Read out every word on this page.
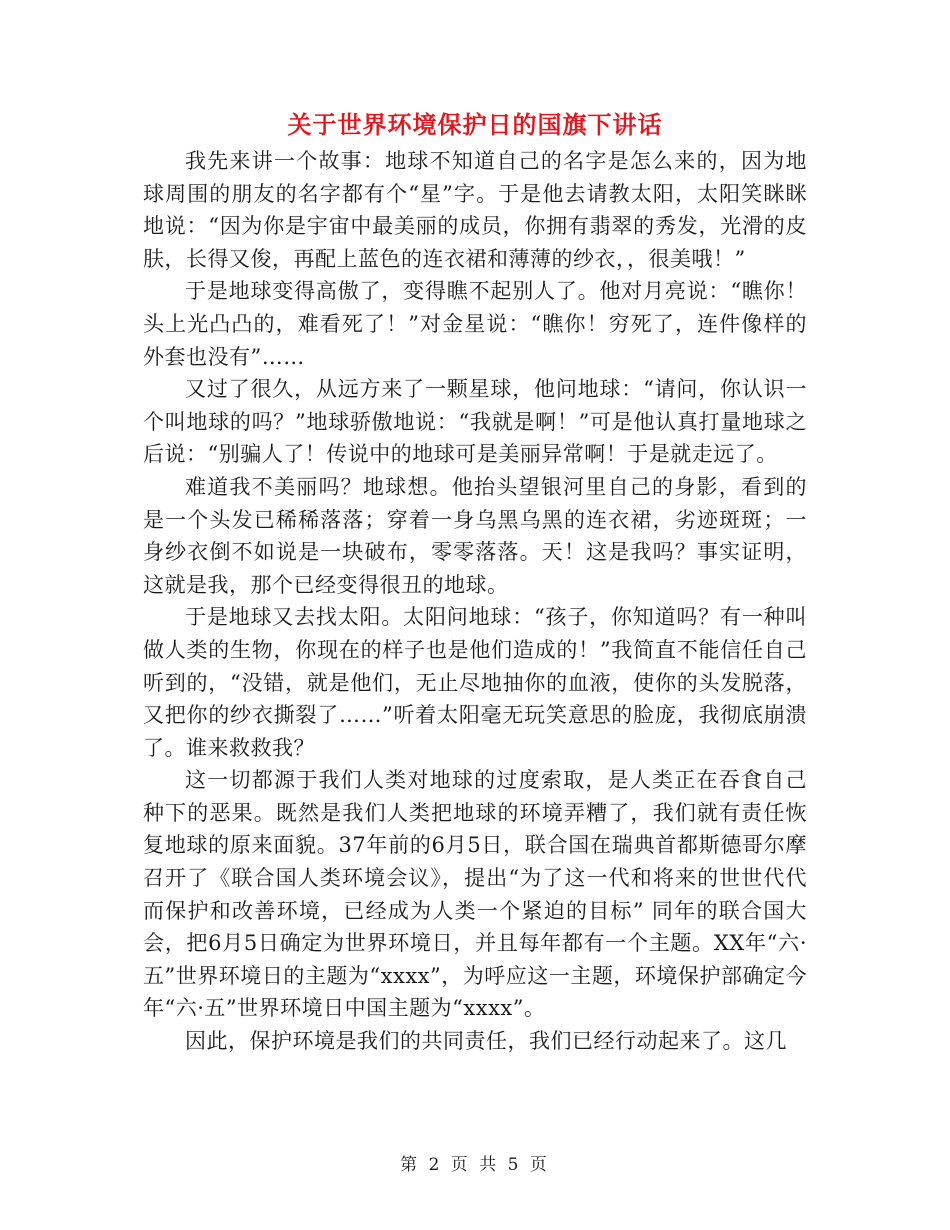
关于世界环境保护日的国旗下讲话

我先来讲一个故事：地球不知道自己的名字是怎么来的，因为地球周围的朋友的名字都有个“星”字。于是他去请教太阳，太阳笑眯眯地说：“因为你是宇宙中最美丽的成员，你拥有翡翠的秀发，光滑的皮肤，长得又俊，再配上蓝色的连衣裙和薄薄的纱衣，，很美哦！”

于是地球变得高傲了，变得瞧不起别人了。他对月亮说：“瞧你！头上光凸凸的，难看死了！”对金星说：“瞧你！穷死了，连件像样的外套也没有”……

又过了很久，从远方来了一颗星球，他问地球：“请问，你认识一个叫地球的吗？”地球骄傲地说：“我就是啊！”可是他认真打量地球之后说：“别骗人了！传说中的地球可是美丽异常啊！于是就走远了。

难道我不美丽吗？地球想。他抬头望银河里自己的身影，看到的是一个头发已稀稀落落；穿着一身乌黑乌黑的连衣裙，劣迹斑斑；一身纱衣倒不如说是一块破布，零零落落。天！这是我吗？事实证明，这就是我，那个已经变得很丑的地球。

于是地球又去找太阳。太阳问地球：“孩子，你知道吗？有一种叫做人类的生物，你现在的样子也是他们造成的！”我简直不能信任自己听到的，“没错，就是他们，无止尽地抽你的血液，使你的头发脱落，又把你的纱衣撕裂了……”听着太阳毫无玩笑意思的脸庞，我彻底崩溃了。谁来救救我？

这一切都源于我们人类对地球的过度索取，是人类正在吞食自己种下的恶果。既然是我们人类把地球的环境弄糟了，我们就有责任恢复地球的原来面貌。37年前的6月5日，联合国在瑞典首都斯德哥尔摩召开了《联合国人类环境会议》，提出“为了这一代和将来的世世代代而保护和改善环境，已经成为人类一个紧迫的目标” 同年的联合国大会，把6月5日确定为世界环境日，并且每年都有一个主题。XX年“六·五”世界环境日的主题为“xxxx”，为呼应这一主题，环境保护部确定今年“六·五”世界环境日中国主题为“xxxx”。

因此，保护环境是我们的共同责任，我们已经行动起来了。这几

第 2 页 共 5 页
